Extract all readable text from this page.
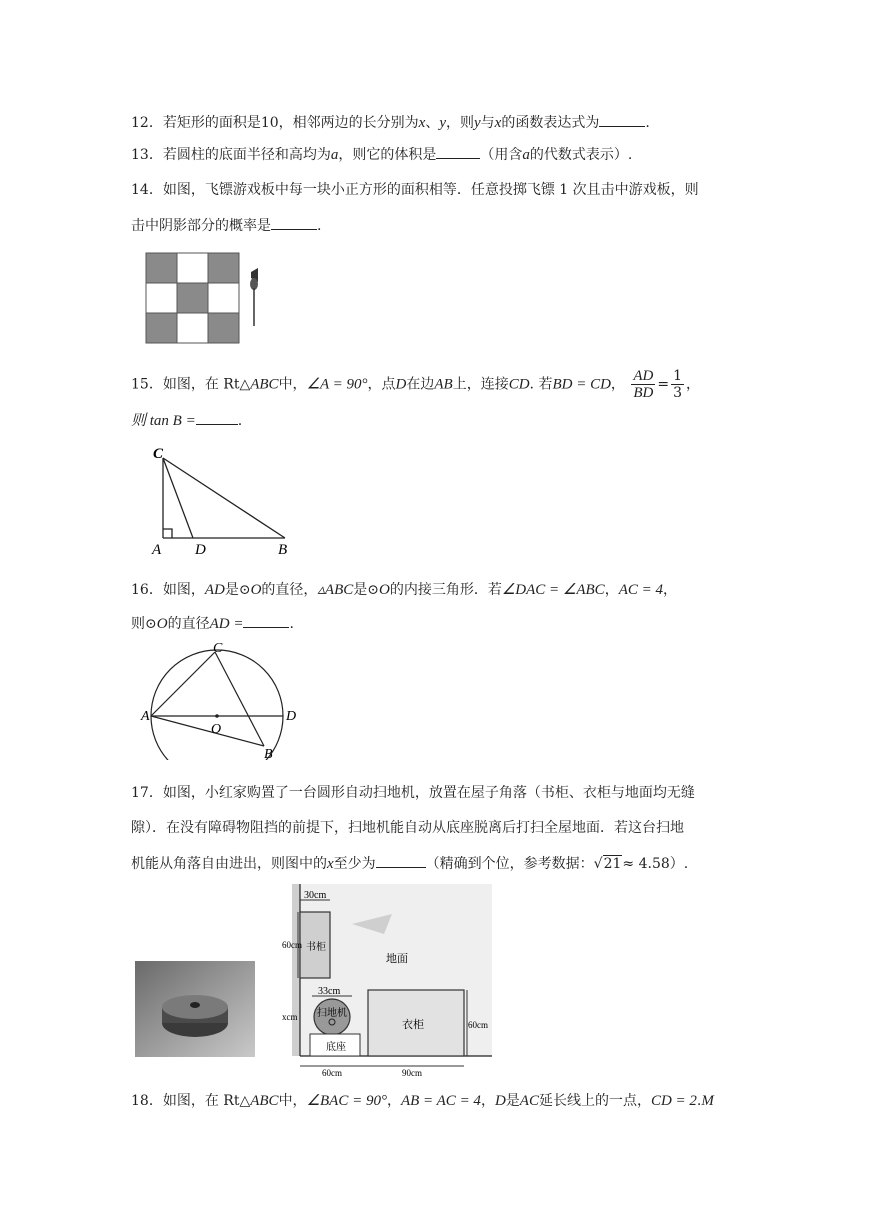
12．若矩形的面积是10，相邻两边的长分别为x、y，则y与x的函数表达式为	.
13．若圆柱的底面半径和高均为a，则它的体积是	（用含a的代数式表示）.
14．如图，飞镖游戏板中每一块小正方形的面积相等．任意投掷飞镖 1 次且击中游戏板，则
击中阴影部分的概率是	.
15．如图，在 Rt△ABC中，∠A = 90°，点D在边AB上，连接CD. 若BD = CD， $\frac{AD}{BD} = \frac{1}{3}$ ，
则 tan B =	.
C
A D	B
16．如图，AD是⊙O的直径，▵ABC是⊙O的内接三角形．若∠DAC = ∠ABC，AC = 4，
则⊙O的直径AD =	.
C
A	D
O
B
17．如图，小红家购置了一台圆形自动扫地机，放置在屋子角落（书柜、衣柜与地面均无缝
隙）．在没有障碍物阻挡的前提下，扫地机能自动从底座脱离后打扫全屋地面．若这台扫地
机能从角落自由进出，则图中的x至少为	（精确到个位，参考数据：√21≈ 4.58）.
30cm
60cm 书柜
地面
33cm
扫地机
底座
xcm
衣柜	60cm
60cm	90cm
18．如图，在 Rt△ABC中，∠BAC = 90°，AB = AC = 4，D是AC延长线上的一点，CD = 2.M
